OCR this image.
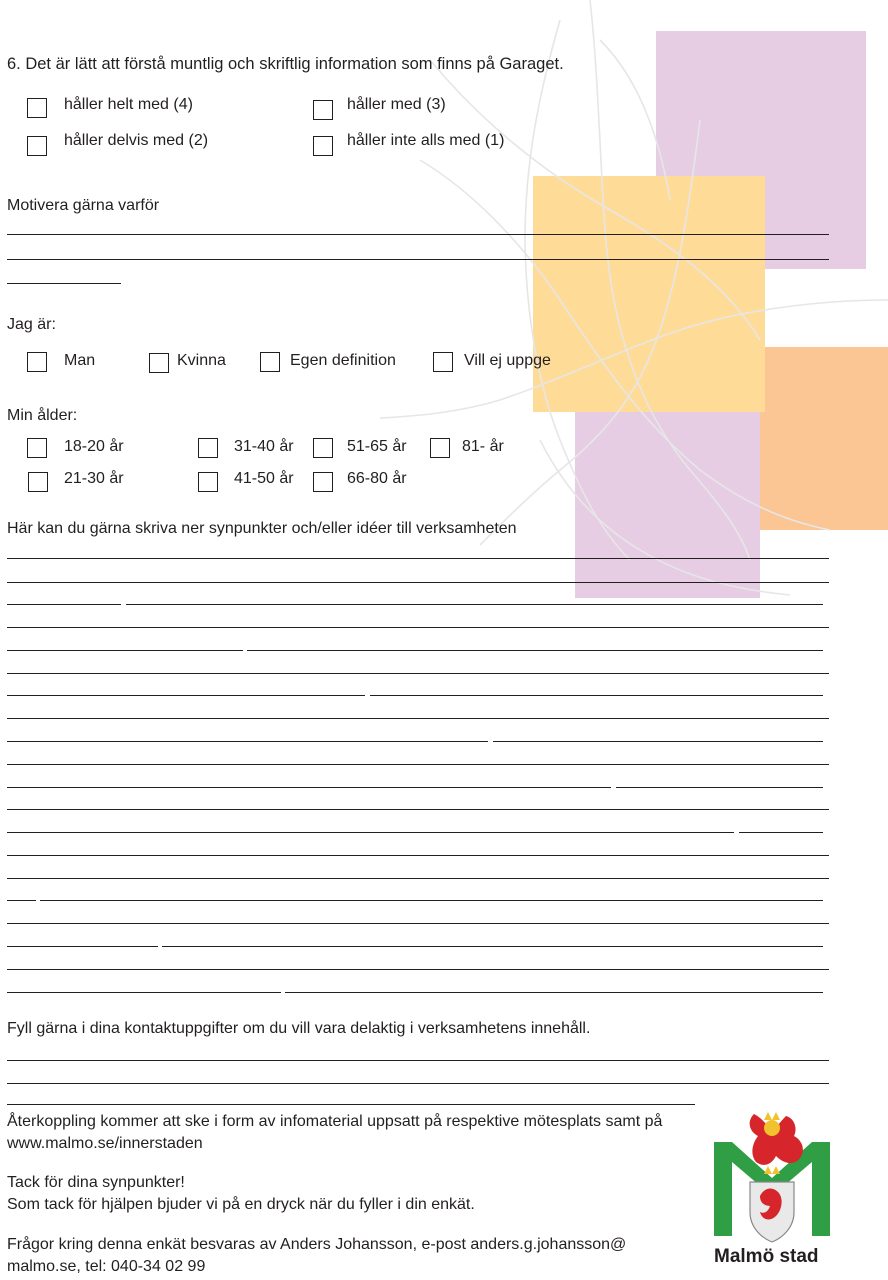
6. Det är lätt att förstå muntlig och skriftlig information som finns på Garaget.
håller helt med (4)	håller med (3)
håller delvis med (2)	håller inte alls med (1)
Motivera gärna varför
Jag är:
Man	Kvinna	Egen definition	Vill ej uppge
Min ålder:
18-20 år	31-40 år	51-65 år	81- år
21-30 år	41-50 år	66-80 år
Här kan du gärna skriva ner synpunkter och/eller idéer till verksamheten
Fyll gärna i dina kontaktuppgifter om du vill vara delaktig i verksamhetens innehåll.
Återkoppling kommer att ske i form av infomaterial uppsatt på respektive mötesplats samt på
www.malmo.se/innerstaden
Tack för dina synpunkter!
Som tack för hjälpen bjuder vi på en dryck när du fyller i din enkät.
Frågor kring denna enkät besvaras av Anders Johansson, e-post anders.g.johansson@
malmo.se, tel: 040-34 02 99	Malmö stad
